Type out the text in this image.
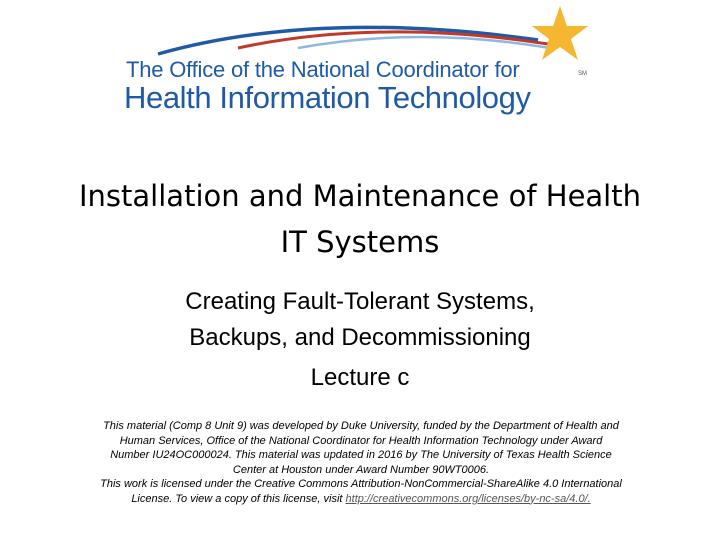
The Office of the National Coordinator for
Health Information Technology
SM
Installation and Maintenance of Health
IT Systems
Creating Fault-Tolerant Systems,
Backups, and Decommissioning
Lecture c
This material (Comp 8 Unit 9) was developed by Duke University, funded by the Department of Health and
Human Services, Office of the National Coordinator for Health Information Technology under Award
Number IU24OC000024. This material was updated in 2016 by The University of Texas Health Science
Center at Houston under Award Number 90WT0006.
This work is licensed under the Creative Commons Attribution-NonCommercial-ShareAlike 4.0 International
License. To view a copy of this license, visit http://creativecommons.org/licenses/by-nc-sa/4.0/.
